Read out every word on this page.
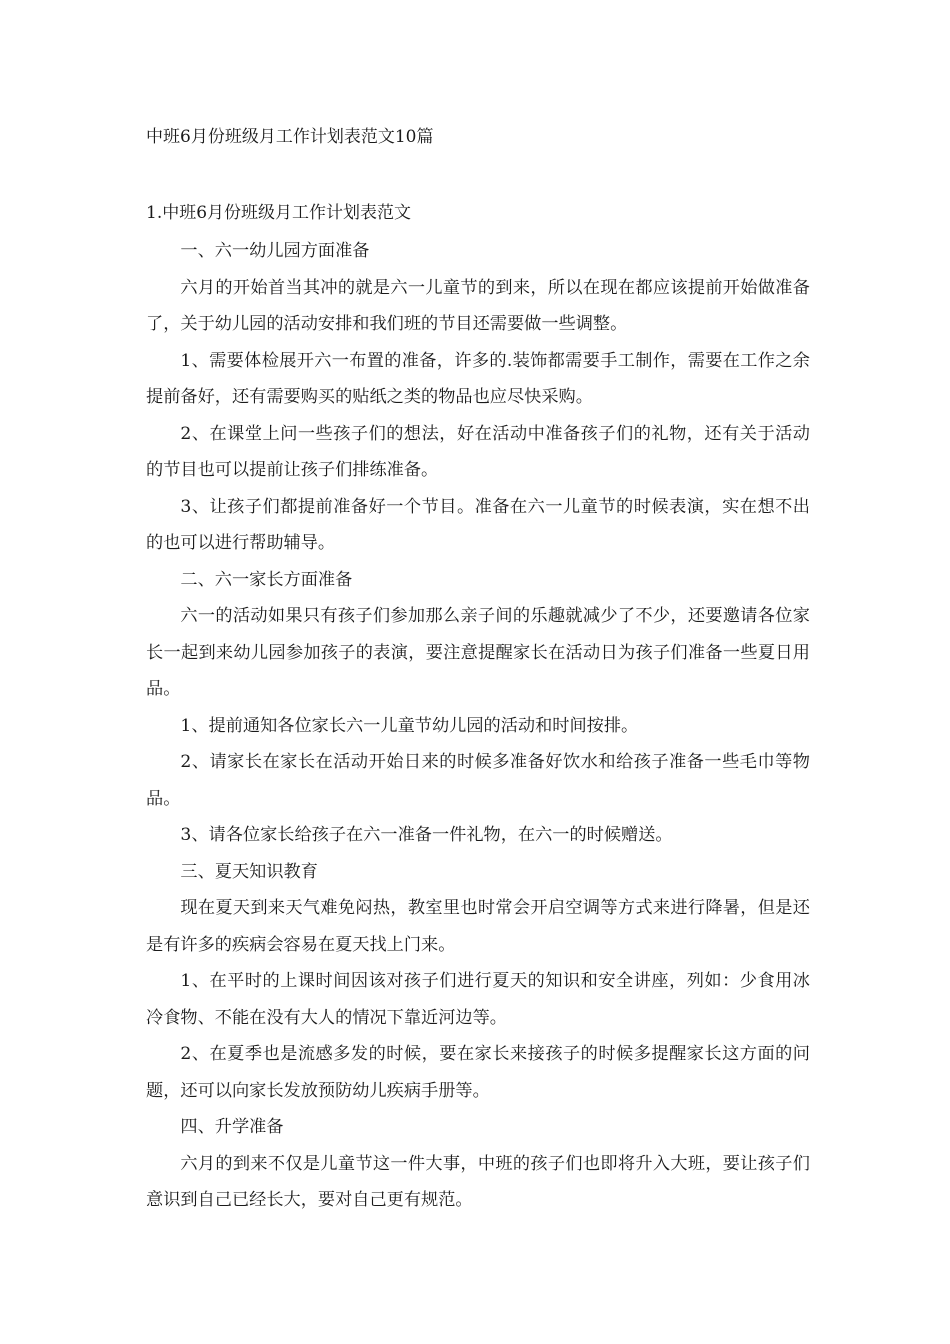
中班6月份班级月工作计划表范文10篇
1.中班6月份班级月工作计划表范文

一、六一幼儿园方面准备

六月的开始首当其冲的就是六一儿童节的到来，所以在现在都应该提前开始做准备了，关于幼儿园的活动安排和我们班的节目还需要做一些调整。

1、需要体检展开六一布置的准备，许多的.装饰都需要手工制作，需要在工作之余提前备好，还有需要购买的贴纸之类的物品也应尽快采购。

2、在课堂上问一些孩子们的想法，好在活动中准备孩子们的礼物，还有关于活动的节目也可以提前让孩子们排练准备。

3、让孩子们都提前准备好一个节目。准备在六一儿童节的时候表演，实在想不出的也可以进行帮助辅导。

二、六一家长方面准备

六一的活动如果只有孩子们参加那么亲子间的乐趣就减少了不少，还要邀请各位家长一起到来幼儿园参加孩子的表演，要注意提醒家长在活动日为孩子们准备一些夏日用品。

1、提前通知各位家长六一儿童节幼儿园的活动和时间按排。

2、请家长在家长在活动开始日来的时候多准备好饮水和给孩子准备一些毛巾等物品。

3、请各位家长给孩子在六一准备一件礼物，在六一的时候赠送。

三、夏天知识教育

现在夏天到来天气难免闷热，教室里也时常会开启空调等方式来进行降暑，但是还是有许多的疾病会容易在夏天找上门来。

1、在平时的上课时间因该对孩子们进行夏天的知识和安全讲座，列如：少食用冰冷食物、不能在没有大人的情况下靠近河边等。

2、在夏季也是流感多发的时候，要在家长来接孩子的时候多提醒家长这方面的问题，还可以向家长发放预防幼儿疾病手册等。

四、升学准备

六月的到来不仅是儿童节这一件大事，中班的孩子们也即将升入大班，要让孩子们意识到自己已经长大，要对自己更有规范。
